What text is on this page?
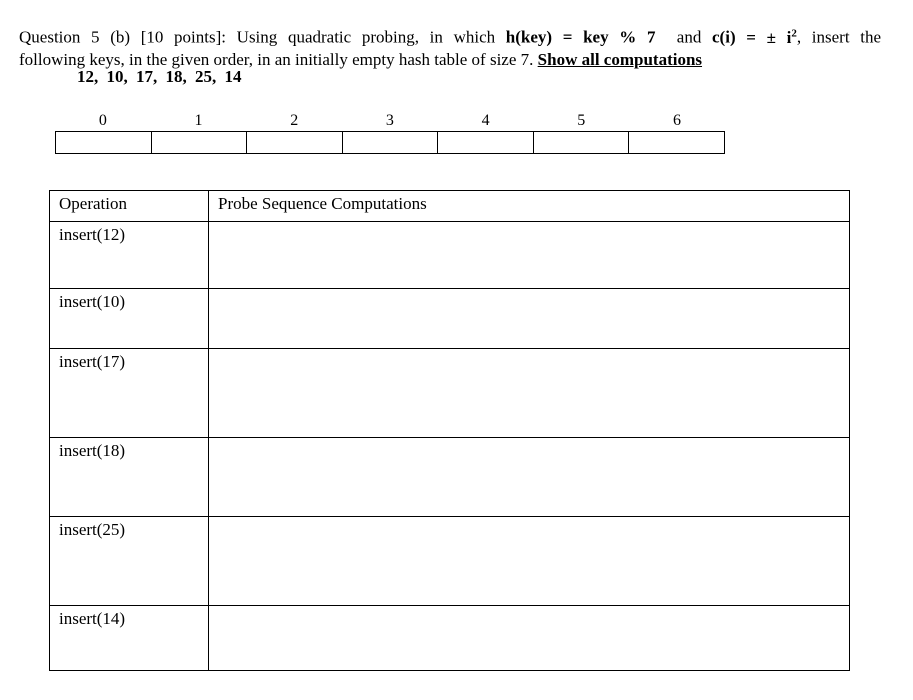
Question 5 (b) [10 points]: Using quadratic probing, in which h(key) = key % 7 and c(i) = ± $i^2$, insert the
following keys, in the given order, in an initially empty hash table of size 7. Show all computations
12, 10, 17, 18, 25, 14
0	1	2	3	4	5	6

Operation	Probe Sequence Computations
insert(12)	
insert(10)	
insert(17)	
insert(18)	
insert(25)	
insert(14)	
